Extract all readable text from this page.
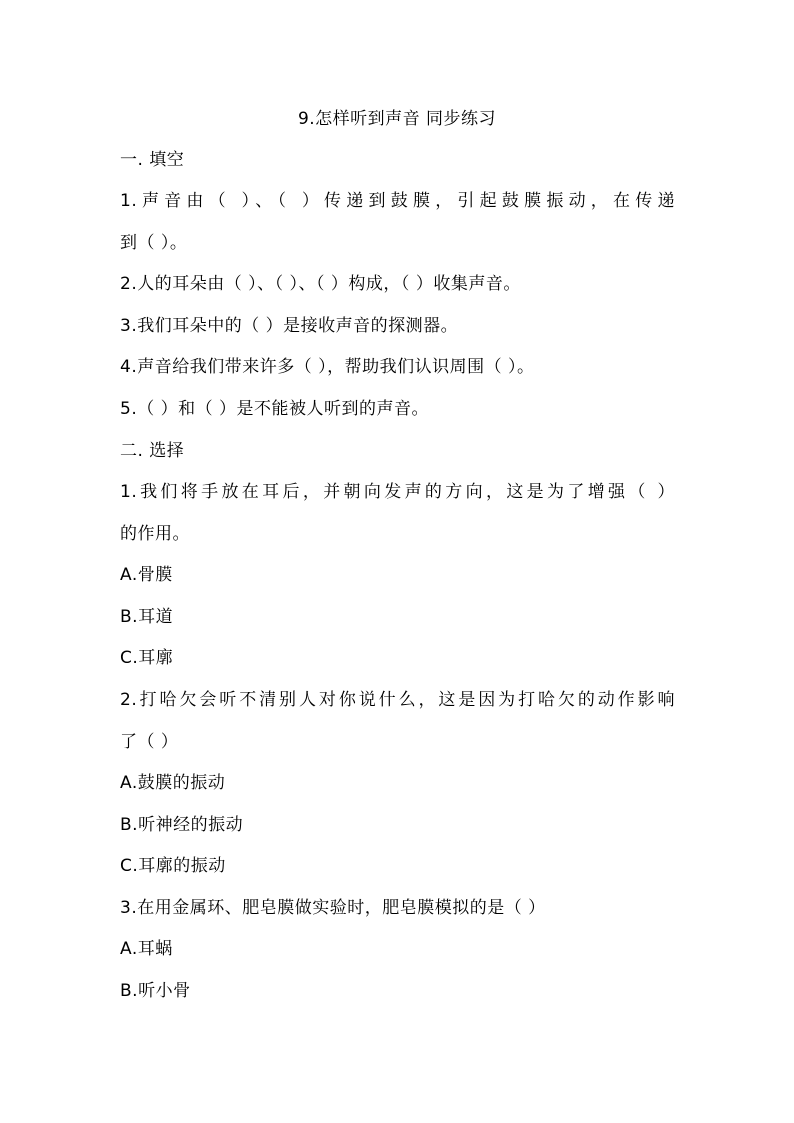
9.怎样听到声音 同步练习
一. 填空
1.声音由（ ）、（ ）传递到鼓膜，引起鼓膜振动，在传递
到（ ）。
2.人的耳朵由（ ）、（ ）、（ ）构成，（ ）收集声音。
3.我们耳朵中的（ ）是接收声音的探测器。
4.声音给我们带来许多（ ），帮助我们认识周围（ ）。
5.（ ）和（ ）是不能被人听到的声音。
二. 选择
1.我们将手放在耳后，并朝向发声的方向，这是为了增强（ ）
的作用。
A.骨膜
B.耳道
C.耳廓
2.打哈欠会听不清别人对你说什么，这是因为打哈欠的动作影响
了（ ）
A.鼓膜的振动
B.听神经的振动
C.耳廓的振动
3.在用金属环、肥皂膜做实验时，肥皂膜模拟的是（ ）
A.耳蜗
B.听小骨
